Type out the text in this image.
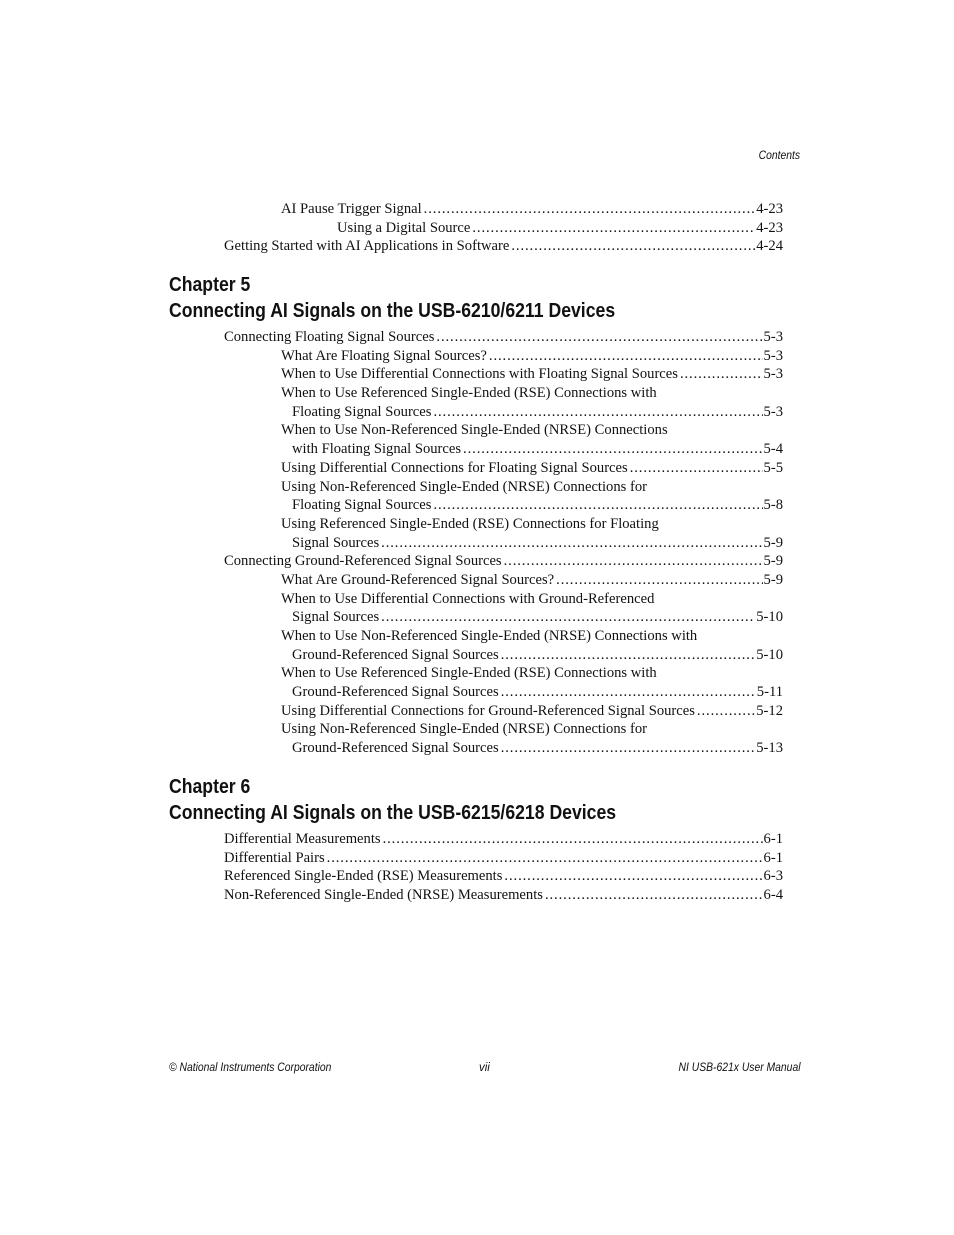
Contents
AI Pause Trigger Signal .....	4-23
Using a Digital Source .....	4-23
Getting Started with AI Applications in Software .....	4-24
Chapter 5
Connecting AI Signals on the USB-6210/6211 Devices
Connecting Floating Signal Sources .....	5-3
What Are Floating Signal Sources? .....	5-3
When to Use Differential Connections with Floating Signal Sources .....	5-3
When to Use Referenced Single-Ended (RSE) Connections with
Floating Signal Sources .....	5-3
When to Use Non-Referenced Single-Ended (NRSE) Connections
with Floating Signal Sources .....	5-4
Using Differential Connections for Floating Signal Sources .....	5-5
Using Non-Referenced Single-Ended (NRSE) Connections for
Floating Signal Sources .....	5-8
Using Referenced Single-Ended (RSE) Connections for Floating
Signal Sources .....	5-9
Connecting Ground-Referenced Signal Sources .....	5-9
What Are Ground-Referenced Signal Sources? .....	5-9
When to Use Differential Connections with Ground-Referenced
Signal Sources .....	5-10
When to Use Non-Referenced Single-Ended (NRSE) Connections with
Ground-Referenced Signal Sources .....	5-10
When to Use Referenced Single-Ended (RSE) Connections with
Ground-Referenced Signal Sources .....	5-11
Using Differential Connections for Ground-Referenced Signal Sources .....	5-12
Using Non-Referenced Single-Ended (NRSE) Connections for
Ground-Referenced Signal Sources .....	5-13
Chapter 6
Connecting AI Signals on the USB-6215/6218 Devices
Differential Measurements .....	6-1
Differential Pairs .....	6-1
Referenced Single-Ended (RSE) Measurements .....	6-3
Non-Referenced Single-Ended (NRSE) Measurements .....	6-4
© National Instruments Corporation	vii	NI USB-621x User Manual
